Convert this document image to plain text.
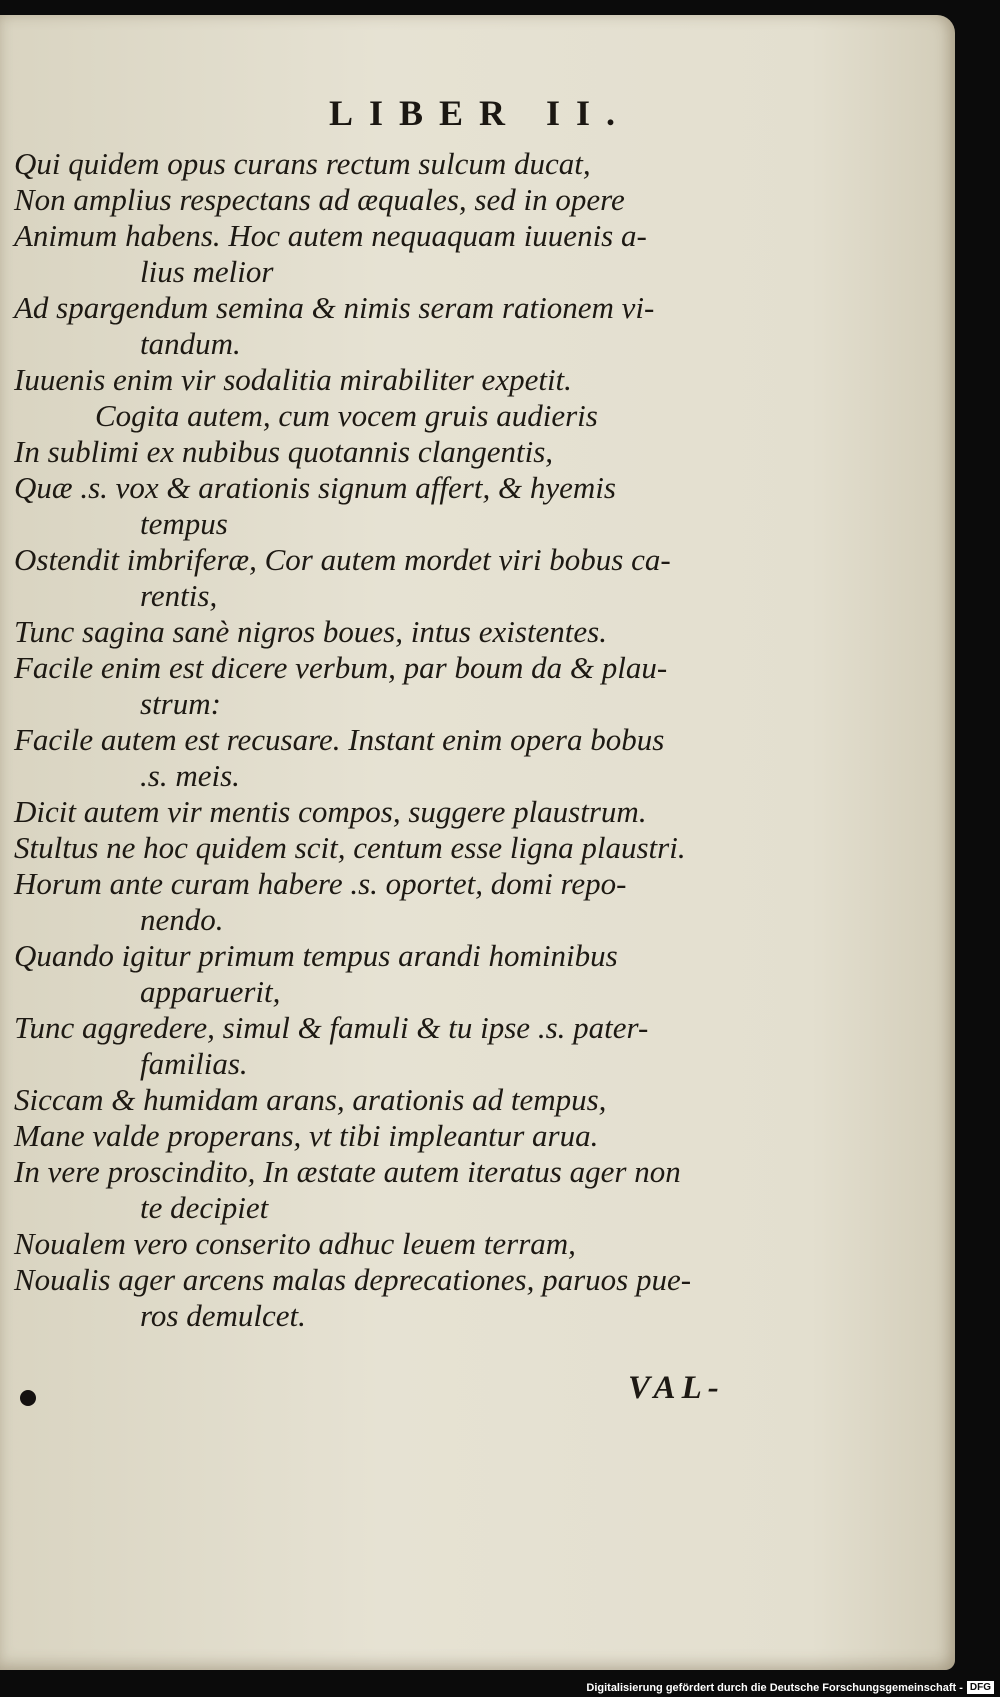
LIBER II.
Qui quidem opus curans rectum sulcum ducat,
Non amplius respectans ad æquales, sed in opere
Animum habens. Hoc autem nequaquam iuuenis a-
lius melior
Ad spargendum semina & nimis seram rationem vi-
tandum.
Iuuenis enim vir sodalitia mirabiliter expetit.
Cogita autem, cum vocem gruis audieris
In sublimi ex nubibus quotannis clangentis,
Quæ .s. vox & arationis signum affert, & hyemis
tempus
Ostendit imbriferæ, Cor autem mordet viri bobus ca-
rentis,
Tunc sagina sanè nigros boues, intus existentes.
Facile enim est dicere verbum, par boum da & plau-
strum:
Facile autem est recusare. Instant enim opera bobus
.s. meis.
Dicit autem vir mentis compos, suggere plaustrum.
Stultus ne hoc quidem scit, centum esse ligna plaustri.
Horum ante curam habere .s. oportet, domi repo-
nendo.
Quando igitur primum tempus arandi hominibus
apparuerit,
Tunc aggredere, simul & famuli & tu ipse .s. pater-
familias.
Siccam & humidam arans, arationis ad tempus,
Mane valde properans, vt tibi impleantur arua.
In vere proscindito, In æstate autem iteratus ager non
te decipiet
Noualem vero conserito adhuc leuem terram,
Noualis ager arcens malas deprecationes, paruos pue-
ros demulcet.
VAL-
Digitalisierung gefördert durch die Deutsche Forschungsgemeinschaft - DFG
